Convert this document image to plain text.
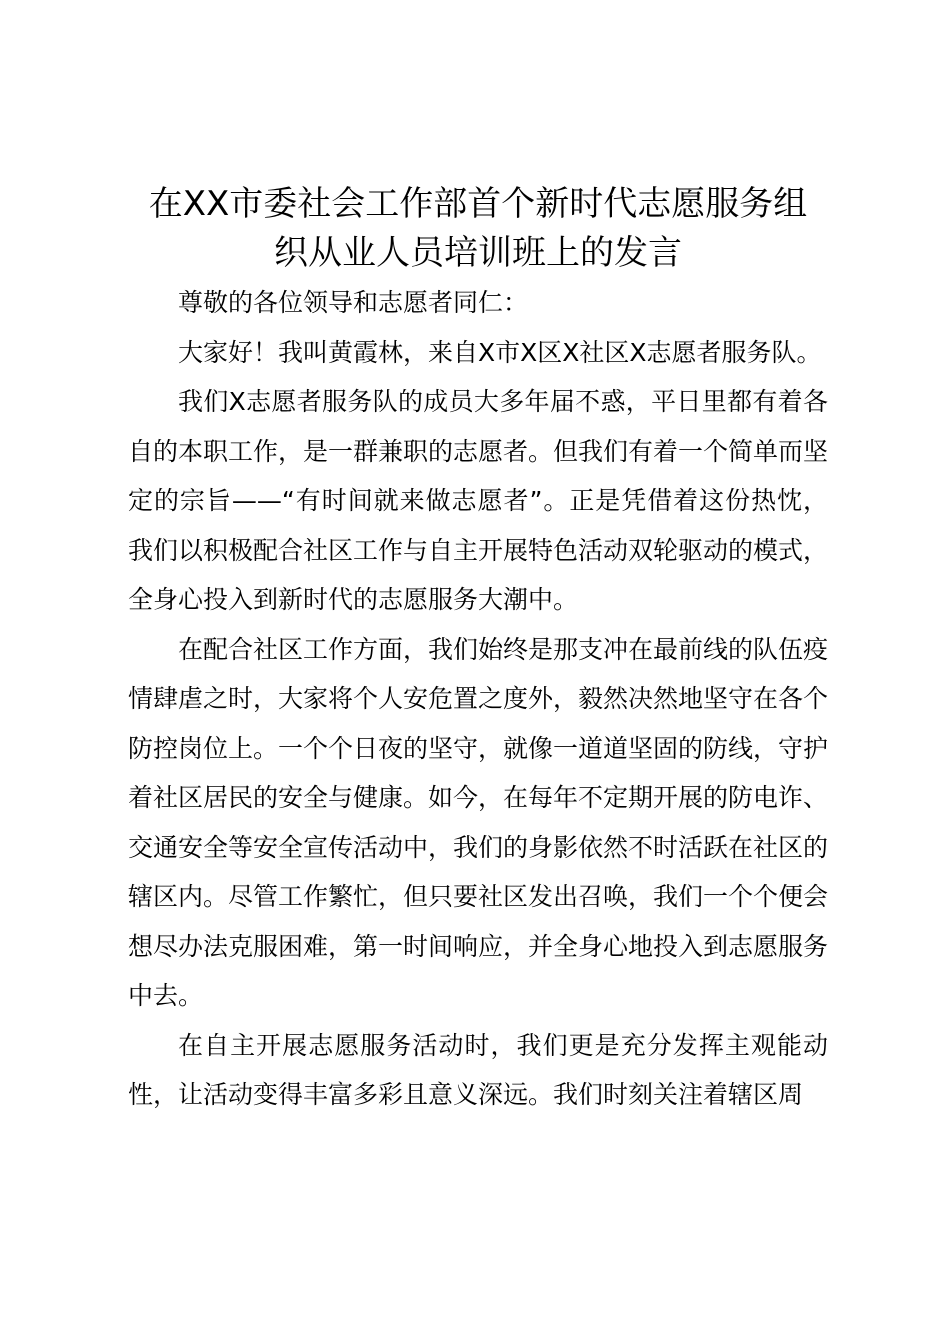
在XX市委社会工作部首个新时代志愿服务组
织从业人员培训班上的发言

尊敬的各位领导和志愿者同仁：

大家好！我叫黄霞林，来自X市X区X社区X志愿者服务队。

我们X志愿者服务队的成员大多年届不惑，平日里都有着各自的本职工作，是一群兼职的志愿者。但我们有着一个简单而坚定的宗旨——“有时间就来做志愿者”。正是凭借着这份热忱，我们以积极配合社区工作与自主开展特色活动双轮驱动的模式，全身心投入到新时代的志愿服务大潮中。

在配合社区工作方面，我们始终是那支冲在最前线的队伍疫情肆虐之时，大家将个人安危置之度外，毅然决然地坚守在各个防控岗位上。一个个日夜的坚守，就像一道道坚固的防线，守护着社区居民的安全与健康。如今，在每年不定期开展的防电诈、交通安全等安全宣传活动中，我们的身影依然不时活跃在社区的辖区内。尽管工作繁忙，但只要社区发出召唤，我们一个个便会想尽办法克服困难，第一时间响应，并全身心地投入到志愿服务中去。

在自主开展志愿服务活动时，我们更是充分发挥主观能动性，让活动变得丰富多彩且意义深远。我们时刻关注着辖区周
